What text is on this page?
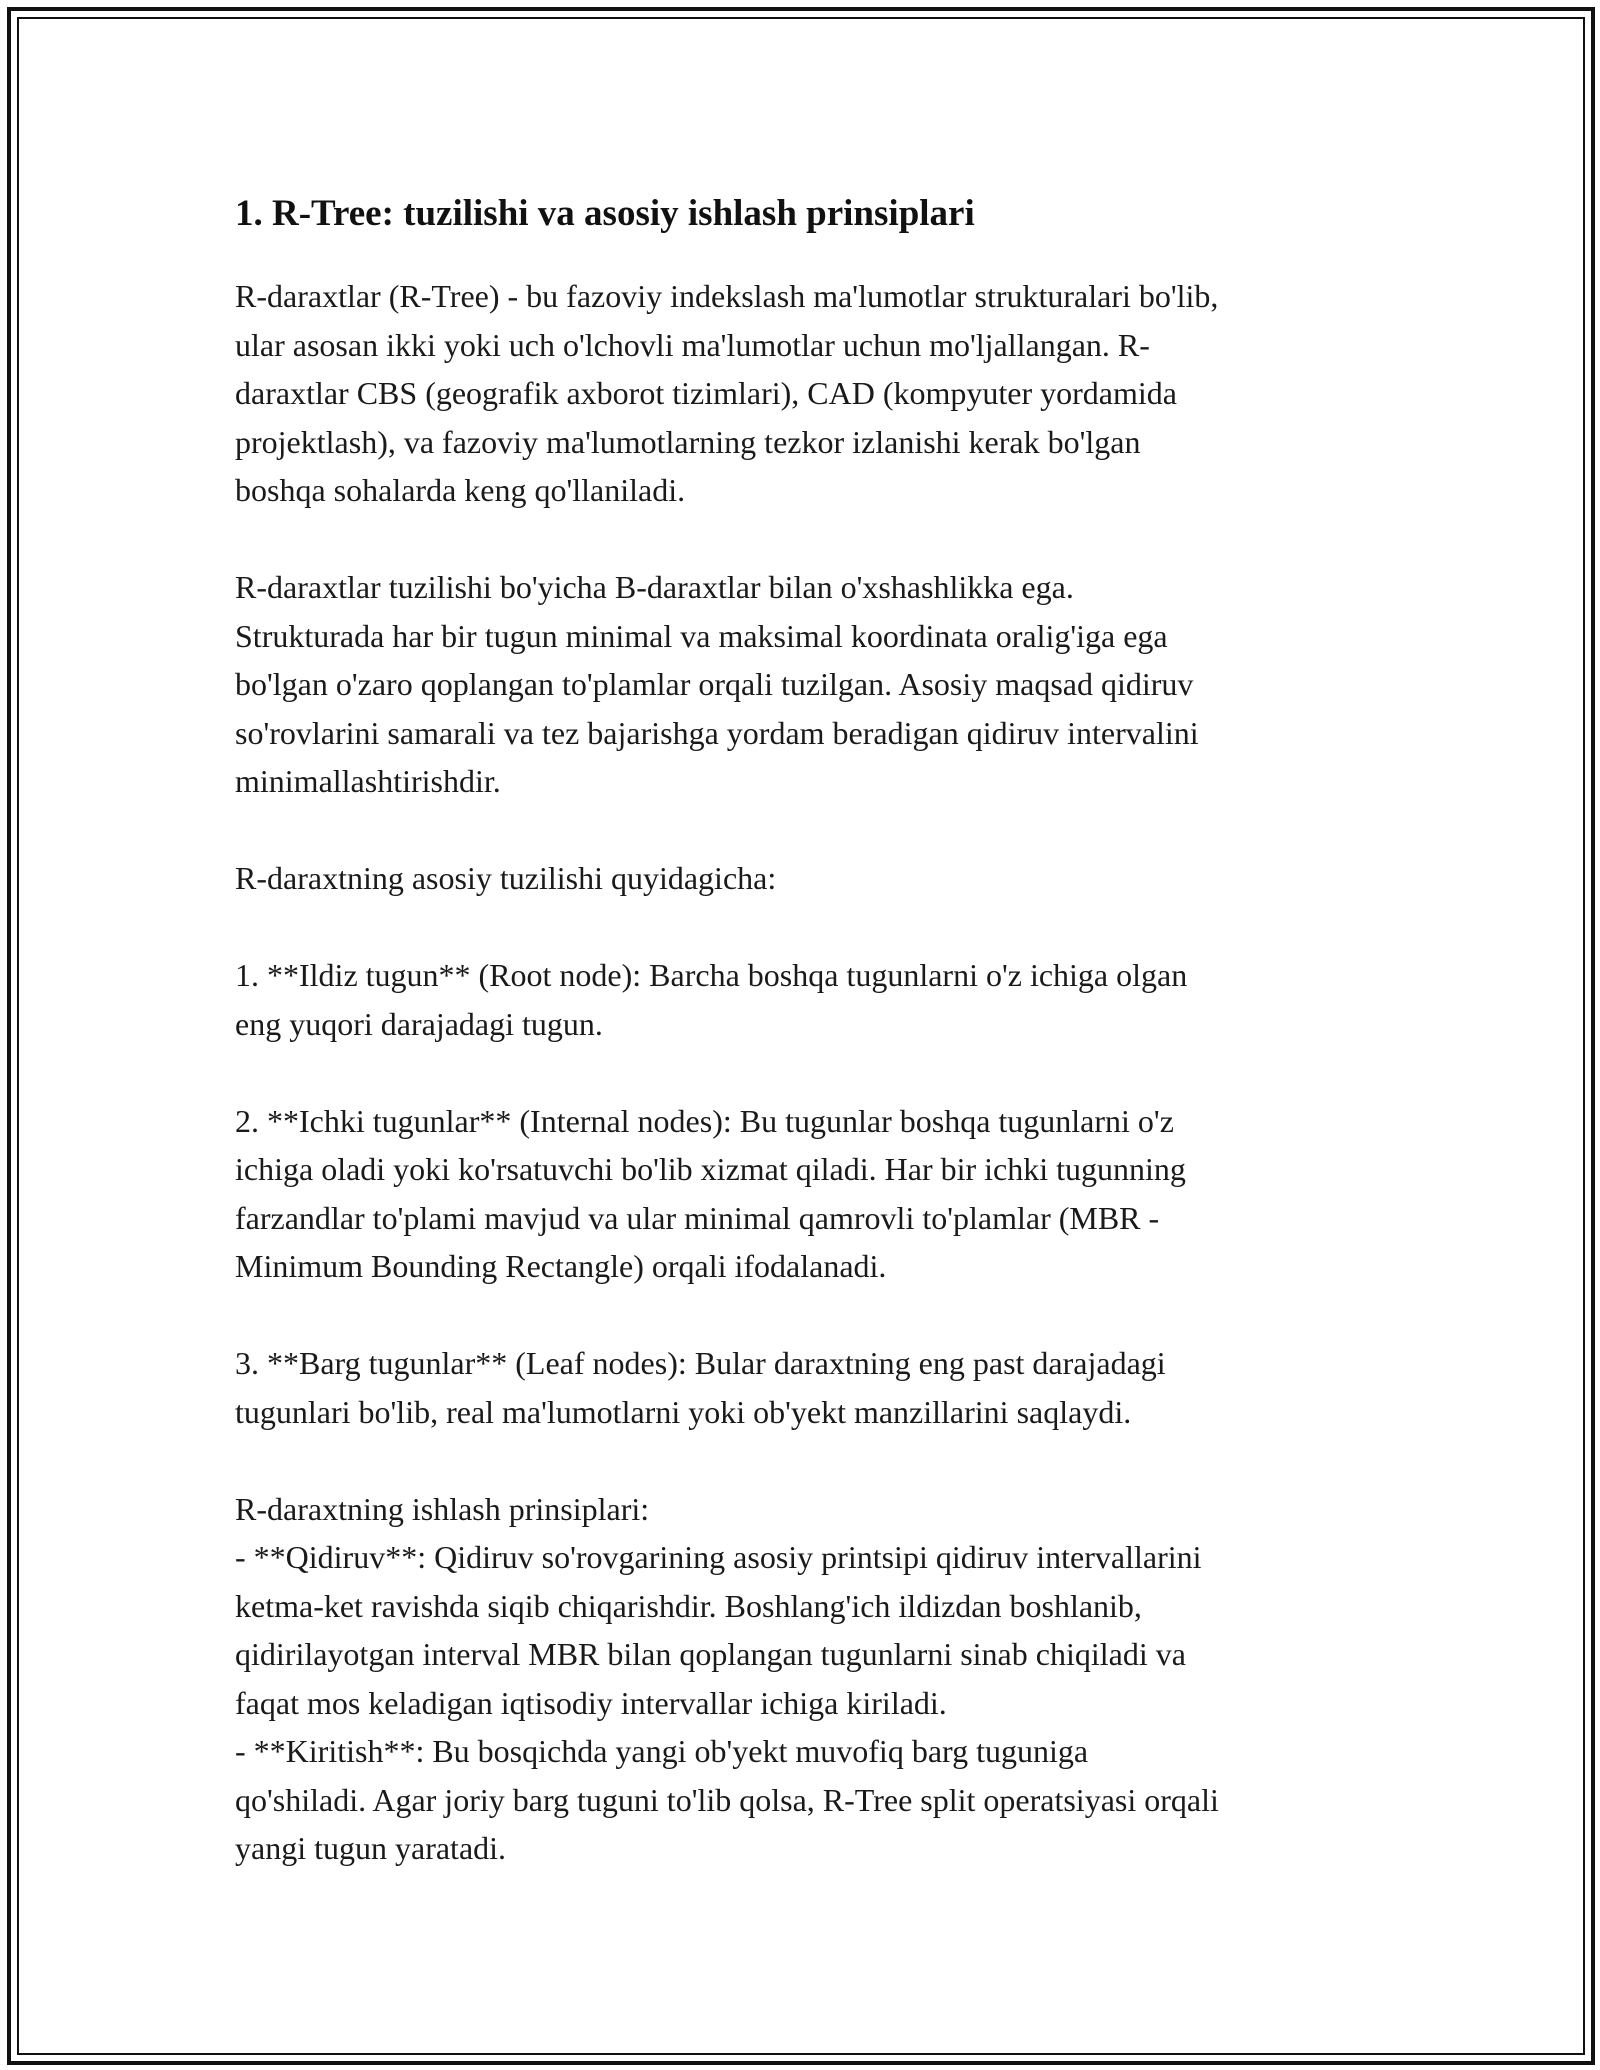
1. R-Tree: tuzilishi va asosiy ishlash prinsiplari

R-daraxtlar (R-Tree) - bu fazoviy indekslash ma'lumotlar strukturalari bo'lib,
ular asosan ikki yoki uch o'lchovli ma'lumotlar uchun mo'ljallangan. R-
daraxtlar CBS (geografik axborot tizimlari), CAD (kompyuter yordamida
projektlash), va fazoviy ma'lumotlarning tezkor izlanishi kerak bo'lgan
boshqa sohalarda keng qo'llaniladi.

R-daraxtlar tuzilishi bo'yicha B-daraxtlar bilan o'xshashlikka ega.
Strukturada har bir tugun minimal va maksimal koordinata oralig'iga ega
bo'lgan o'zaro qoplangan to'plamlar orqali tuzilgan. Asosiy maqsad qidiruv
so'rovlarini samarali va tez bajarishga yordam beradigan qidiruv intervalini
minimallashtirishdir.

R-daraxtning asosiy tuzilishi quyidagicha:

1. **Ildiz tugun** (Root node): Barcha boshqa tugunlarni o'z ichiga olgan
eng yuqori darajadagi tugun.

2. **Ichki tugunlar** (Internal nodes): Bu tugunlar boshqa tugunlarni o'z
ichiga oladi yoki ko'rsatuvchi bo'lib xizmat qiladi. Har bir ichki tugunning
farzandlar to'plami mavjud va ular minimal qamrovli to'plamlar (MBR -
Minimum Bounding Rectangle) orqali ifodalanadi.

3. **Barg tugunlar** (Leaf nodes): Bular daraxtning eng past darajadagi
tugunlari bo'lib, real ma'lumotlarni yoki ob'yekt manzillarini saqlaydi.

R-daraxtning ishlash prinsiplari:
- **Qidiruv**: Qidiruv so'rovgarining asosiy printsipi qidiruv intervallarini
ketma-ket ravishda siqib chiqarishdir. Boshlang'ich ildizdan boshlanib,
qidirilayotgan interval MBR bilan qoplangan tugunlarni sinab chiqiladi va
faqat mos keladigan iqtisodiy intervallar ichiga kiriladi.
- **Kiritish**: Bu bosqichda yangi ob'yekt muvofiq barg tuguniga
qo'shiladi. Agar joriy barg tuguni to'lib qolsa, R-Tree split operatsiyasi orqali
yangi tugun yaratadi.
